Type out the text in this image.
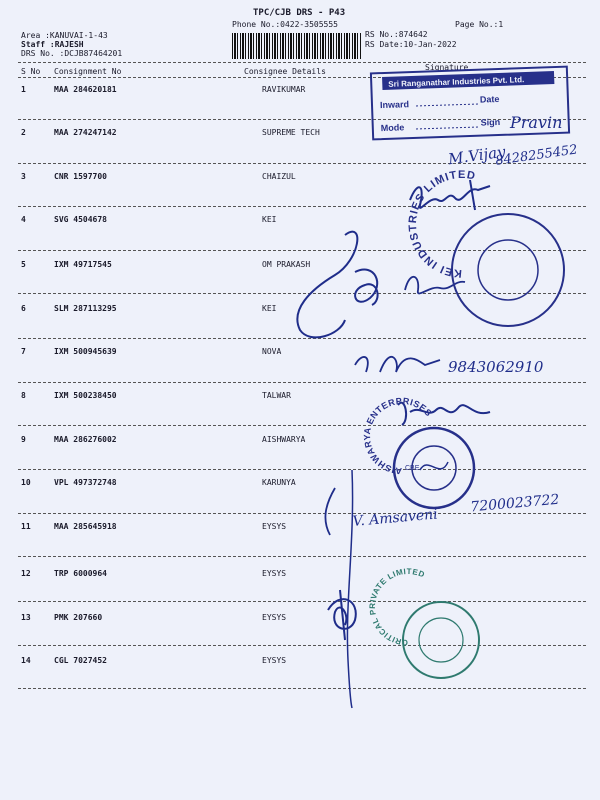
TPC/CJB DRS - P43
Phone No.:0422-3505555	Page No.:1
Area :KANUVAI-1-43
Staff :RAJESH
DRS No. :DCJB87464201
RS No.:874642
RS Date:10-Jan-2022
S No Consignment No	Consignee Details	Signature
1	MAA 284620181	RAVIKUMAR
2	MAA 274247142	SUPREME TECH
3	CNR 1597700	CHAIZUL
4	SVG 4504678	KEI
5	IXM 49717545	OM PRAKASH
6	SLM 287113295	KEI
7	IXM 500945639	NOVA
8	IXM 500238450	TALWAR
9	MAA 286276002	AISHWARYA
10	VPL 497372748	KARUNYA
11	MAA 285645918	EYSYS
12	TRP 6000964	EYSYS
13	PMK 207660	EYSYS
14	CGL 7027452	EYSYS
Sri Ranganathar Industries Pvt. Ltd.
Inward	Date
Mode
Sign Pravin
M.Vijay
8428255452
KEI INDUSTRIES LIMITED
9843062910
AISHWARYA ENTERPRISES
CBE
V. Amsaveni
7200023722
CRITICAL PRIVATE LIMITED
